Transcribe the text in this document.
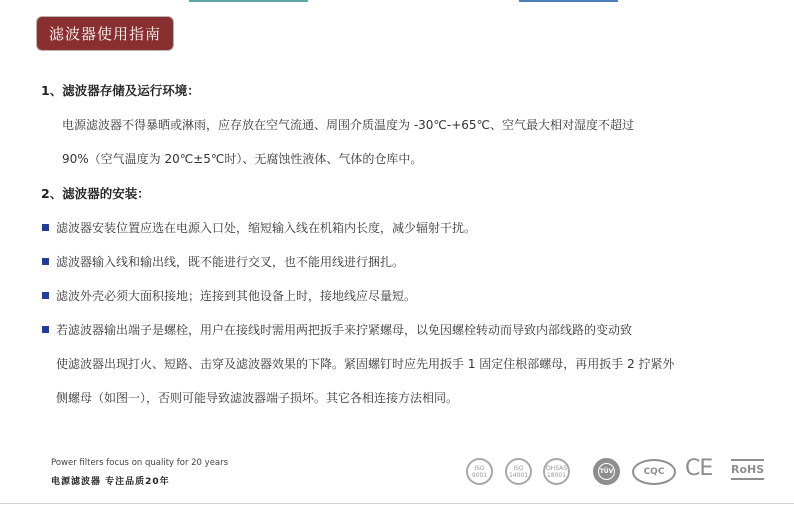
滤波器使用指南
1、滤波器存储及运行环境：
电源滤波器不得暴晒或淋雨，应存放在空气流通、周围介质温度为 -30℃-+65℃、空气最大相对湿度不超过
90%（空气温度为 20℃±5℃时）、无腐蚀性液体、气体的仓库中。
2、滤波器的安装：
滤波器安装位置应选在电源入口处，缩短输入线在机箱内长度，减少辐射干扰。
滤波器输入线和输出线，既不能进行交叉，也不能用线进行捆扎。
滤波外壳必须大面积接地；连接到其他设备上时，接地线应尽量短。
若滤波器输出端子是螺栓，用户在接线时需用两把扳手来拧紧螺母，以免因螺栓转动而导致内部线路的变动致
使滤波器出现打火、短路、击穿及滤波器效果的下降。紧固螺钉时应先用扳手 1 固定住根部螺母，再用扳手 2 拧紧外
侧螺母（如图一），否则可能导致滤波器端子损坏。其它各相连接方法相同。
Power filters focus on quality for 20 years
电源滤波器 专注品质20年
ISO 9001
ISO 14001
OHSAS 18001	TÜV	CQC CE RoHS
